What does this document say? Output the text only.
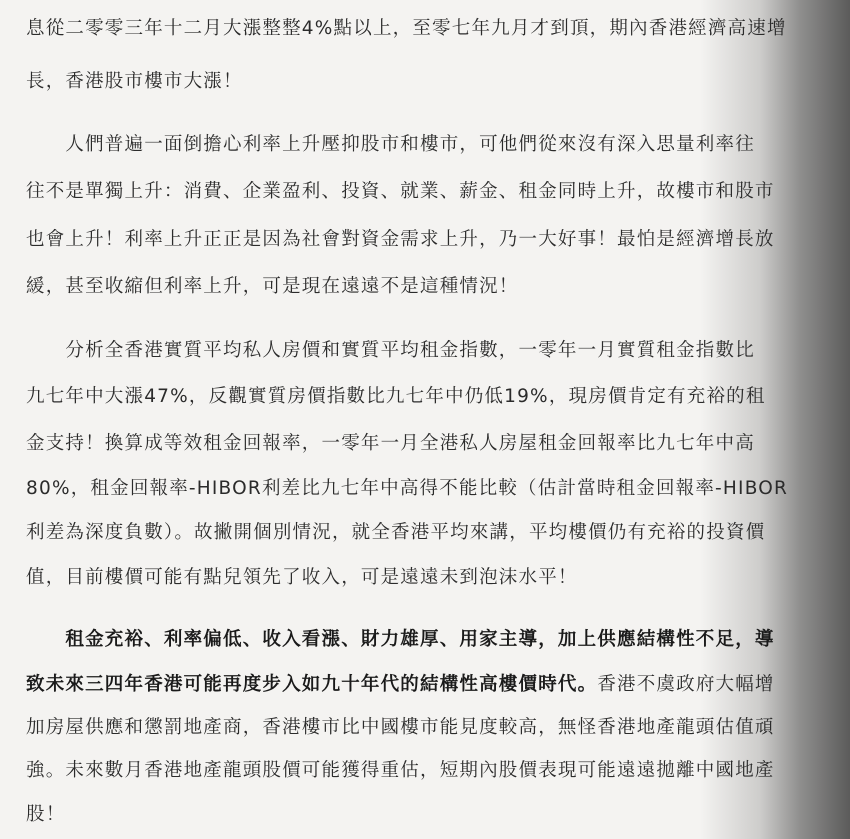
息從二零零三年十二月大漲整整4%點以上，至零七年九月才到頂，期內香港經濟高速增
長，香港股市樓市大漲！
　　人們普遍一面倒擔心利率上升壓抑股市和樓市，可他們從來沒有深入思量利率往
往不是單獨上升：消費、企業盈利、投資、就業、薪金、租金同時上升，故樓市和股市
也會上升！利率上升正正是因為社會對資金需求上升，乃一大好事！最怕是經濟增長放
緩，甚至收縮但利率上升，可是現在遠遠不是這種情況！
　　分析全香港實質平均私人房價和實質平均租金指數，一零年一月實質租金指數比
九七年中大漲47%，反觀實質房價指數比九七年中仍低19%，現房價肯定有充裕的租
金支持！換算成等效租金回報率，一零年一月全港私人房屋租金回報率比九七年中高
80%，租金回報率-HIBOR利差比九七年中高得不能比較（估計當時租金回報率-HIBOR
利差為深度負數）。故撇開個別情況，就全香港平均來講，平均樓價仍有充裕的投資價
值，目前樓價可能有點兒領先了收入，可是遠遠未到泡沫水平！
　　租金充裕、利率偏低、收入看漲、財力雄厚、用家主導，加上供應結構性不足，導
致未來三四年香港可能再度步入如九十年代的結構性高樓價時代。香港不虞政府大幅增
加房屋供應和懲罰地產商，香港樓市比中國樓市能見度較高，無怪香港地產龍頭估值頑
強。未來數月香港地產龍頭股價可能獲得重估，短期內股價表現可能遠遠拋離中國地產
股！
